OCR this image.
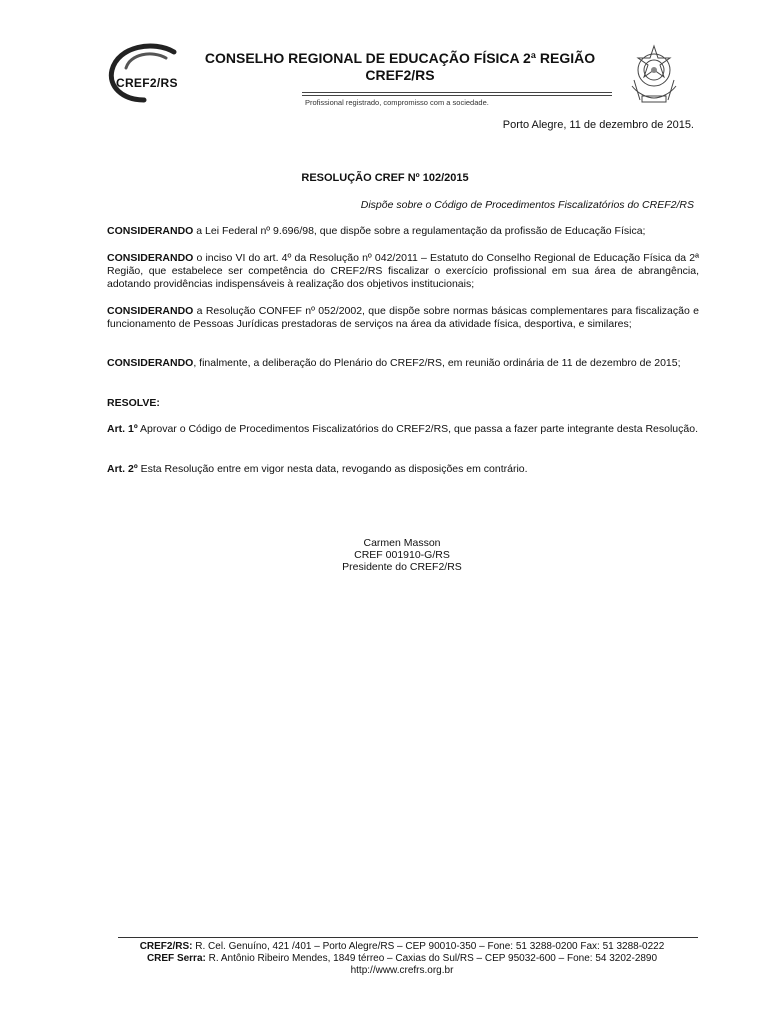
CREF2/RS
CONSELHO REGIONAL DE EDUCAÇÃO FÍSICA 2ª REGIÃO
CREF2/RS
Profissional registrado, compromisso com a sociedade.
Porto Alegre, 11 de dezembro de 2015.
RESOLUÇÃO CREF Nº 102/2015
Dispõe sobre o Código de Procedimentos Fiscalizatórios do CREF2/RS
CONSIDERANDO a Lei Federal nº 9.696/98, que dispõe sobre a regulamentação da profissão de Educação Física;
CONSIDERANDO o inciso VI do art. 4º da Resolução nº 042/2011 – Estatuto do Conselho Regional de Educação Física da 2ª Região, que estabelece ser competência do CREF2/RS fiscalizar o exercício profissional em sua área de abrangência, adotando providências indispensáveis à realização dos objetivos institucionais;
CONSIDERANDO a Resolução CONFEF nº 052/2002, que dispõe sobre normas básicas complementares para fiscalização e funcionamento de Pessoas Jurídicas prestadoras de serviços na área da atividade física, desportiva, e similares;
CONSIDERANDO, finalmente, a deliberação do Plenário do CREF2/RS, em reunião ordinária de 11 de dezembro de 2015;
RESOLVE:
Art. 1º Aprovar o Código de Procedimentos Fiscalizatórios do CREF2/RS, que passa a fazer parte integrante desta Resolução.
Art. 2º Esta Resolução entre em vigor nesta data, revogando as disposições em contrário.
Carmen Masson
CREF 001910-G/RS
Presidente do CREF2/RS
CREF2/RS: R. Cel. Genuíno, 421 /401 – Porto Alegre/RS – CEP 90010-350 – Fone: 51 3288-0200 Fax: 51 3288-0222
CREF Serra: R. Antônio Ribeiro Mendes, 1849 térreo – Caxias do Sul/RS – CEP 95032-600 – Fone: 54 3202-2890
http://www.crefrs.org.br
